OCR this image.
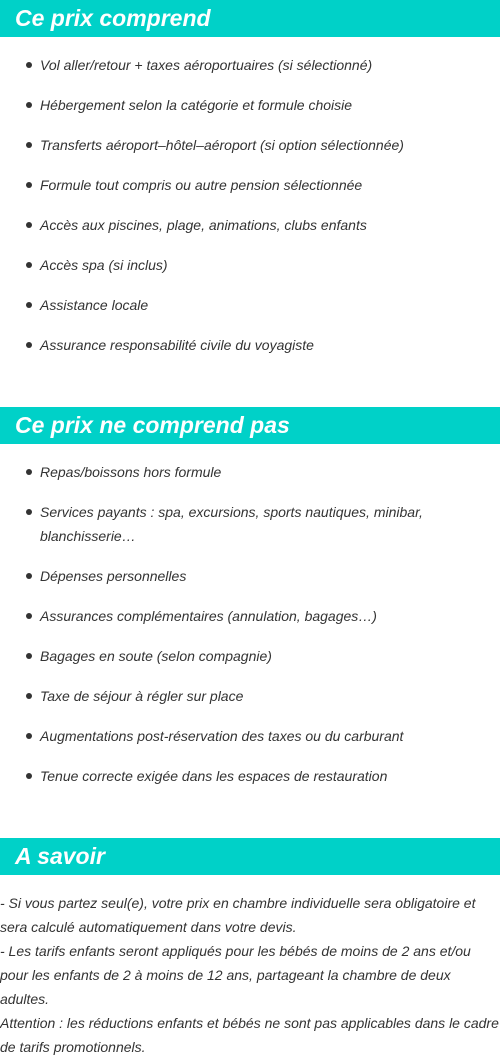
Ce prix comprend
Vol aller/retour + taxes aéroportuaires (si sélectionné)
Hébergement selon la catégorie et formule choisie
Transferts aéroport–hôtel–aéroport (si option sélectionnée)
Formule tout compris ou autre pension sélectionnée
Accès aux piscines, plage, animations, clubs enfants
Accès spa (si inclus)
Assistance locale
Assurance responsabilité civile du voyagiste
Ce prix ne comprend pas
Repas/boissons hors formule
Services payants : spa, excursions, sports nautiques, minibar, blanchisserie…
Dépenses personnelles
Assurances complémentaires (annulation, bagages…)
Bagages en soute (selon compagnie)
Taxe de séjour à régler sur place
Augmentations post-réservation des taxes ou du carburant
Tenue correcte exigée dans les espaces de restauration
A savoir

- Si vous partez seul(e), votre prix en chambre individuelle sera obligatoire et sera calculé automatiquement dans votre devis.

- Les tarifs enfants seront appliqués pour les bébés de moins de 2 ans et/ou pour les enfants de 2 à moins de 12 ans, partageant la chambre de deux adultes.

Attention : les réductions enfants et bébés ne sont pas applicables dans le cadre de tarifs promotionnels.
